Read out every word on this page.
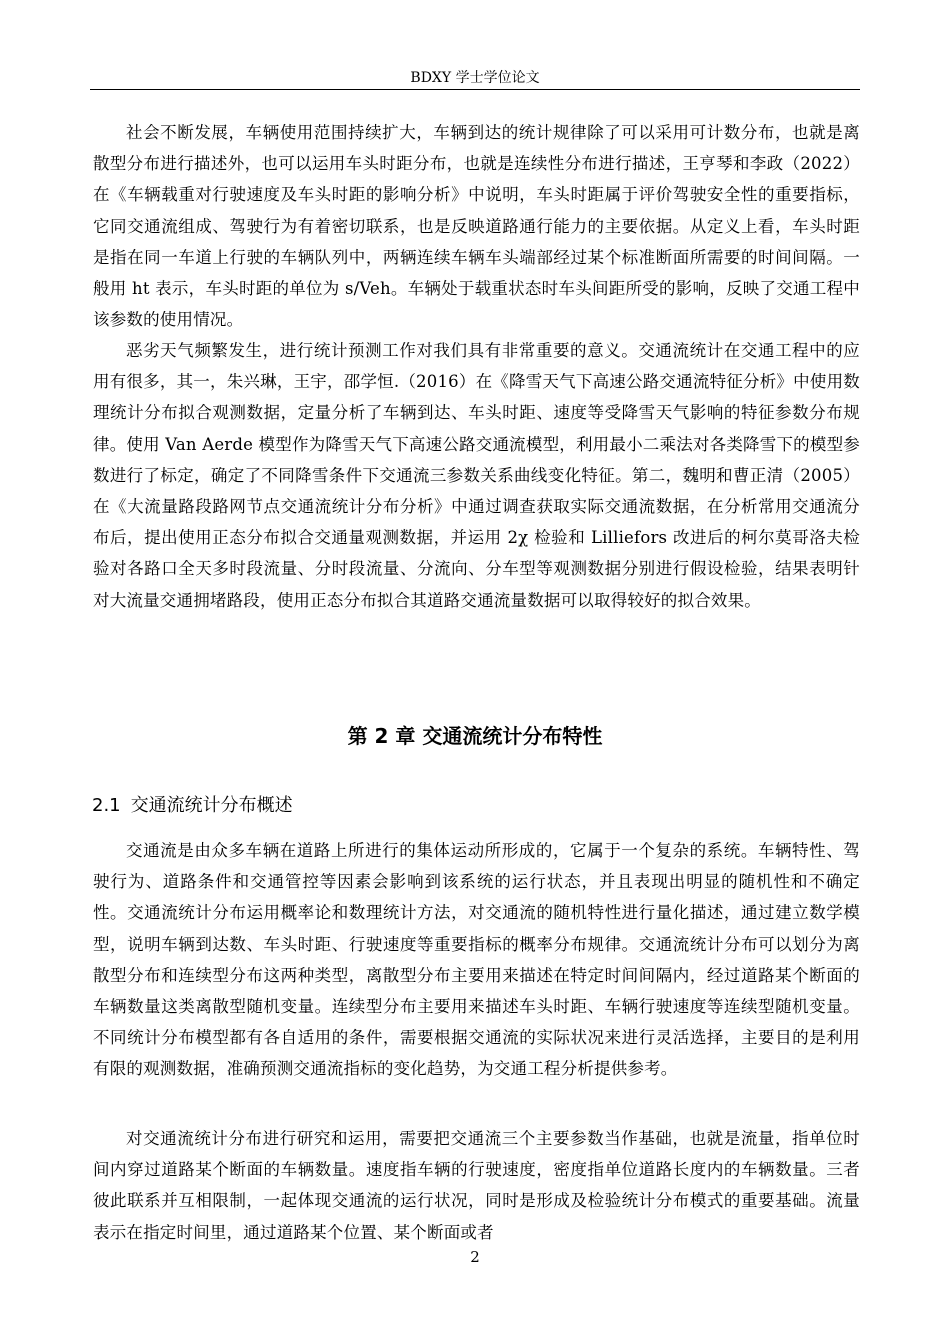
BDXY 学士学位论文

社会不断发展，车辆使用范围持续扩大，车辆到达的统计规律除了可以采用可计数分布，也就是离散型分布进行描述外，也可以运用车头时距分布，也就是连续性分布进行描述，王亨琴和李政（2022）在《车辆载重对行驶速度及车头时距的影响分析》中说明，车头时距属于评价驾驶安全性的重要指标，它同交通流组成、驾驶行为有着密切联系，也是反映道路通行能力的主要依据。从定义上看，车头时距是指在同一车道上行驶的车辆队列中，两辆连续车辆车头端部经过某个标准断面所需要的时间间隔。一般用 ht 表示，车头时距的单位为 s/Veh。车辆处于载重状态时车头间距所受的影响，反映了交通工程中该参数的使用情况。

恶劣天气频繁发生，进行统计预测工作对我们具有非常重要的意义。交通流统计在交通工程中的应用有很多，其一，朱兴琳，王宇，邵学恒.（2016）在《降雪天气下高速公路交通流特征分析》中使用数理统计分布拟合观测数据，定量分析了车辆到达、车头时距、速度等受降雪天气影响的特征参数分布规律。使用 Van Aerde 模型作为降雪天气下高速公路交通流模型，利用最小二乘法对各类降雪下的模型参数进行了标定，确定了不同降雪条件下交通流三参数关系曲线变化特征。第二，魏明和曹正清（2005）在《大流量路段路网节点交通流统计分布分析》中通过调查获取实际交通流数据，在分析常用交通流分布后，提出使用正态分布拟合交通量观测数据，并运用 2χ 检验和 Lilliefors 改进后的柯尔莫哥洛夫检验对各路口全天多时段流量、分时段流量、分流向、分车型等观测数据分别进行假设检验，结果表明针对大流量交通拥堵路段，使用正态分布拟合其道路交通流量数据可以取得较好的拟合效果。

第 2 章 交通流统计分布特性
2.1 交通流统计分布概述

交通流是由众多车辆在道路上所进行的集体运动所形成的，它属于一个复杂的系统。车辆特性、驾驶行为、道路条件和交通管控等因素会影响到该系统的运行状态，并且表现出明显的随机性和不确定性。交通流统计分布运用概率论和数理统计方法，对交通流的随机特性进行量化描述，通过建立数学模型，说明车辆到达数、车头时距、行驶速度等重要指标的概率分布规律。交通流统计分布可以划分为离散型分布和连续型分布这两种类型，离散型分布主要用来描述在特定时间间隔内，经过道路某个断面的车辆数量这类离散型随机变量。连续型分布主要用来描述车头时距、车辆行驶速度等连续型随机变量。不同统计分布模型都有各自适用的条件，需要根据交通流的实际状况来进行灵活选择，主要目的是利用有限的观测数据，准确预测交通流指标的变化趋势，为交通工程分析提供参考。

对交通流统计分布进行研究和运用，需要把交通流三个主要参数当作基础，也就是流量，指单位时间内穿过道路某个断面的车辆数量。速度指车辆的行驶速度，密度指单位道路长度内的车辆数量。三者彼此联系并互相限制，一起体现交通流的运行状况，同时是形成及检验统计分布模式的重要基础。流量表示在指定时间里，通过道路某个位置、某个断面或者

2
